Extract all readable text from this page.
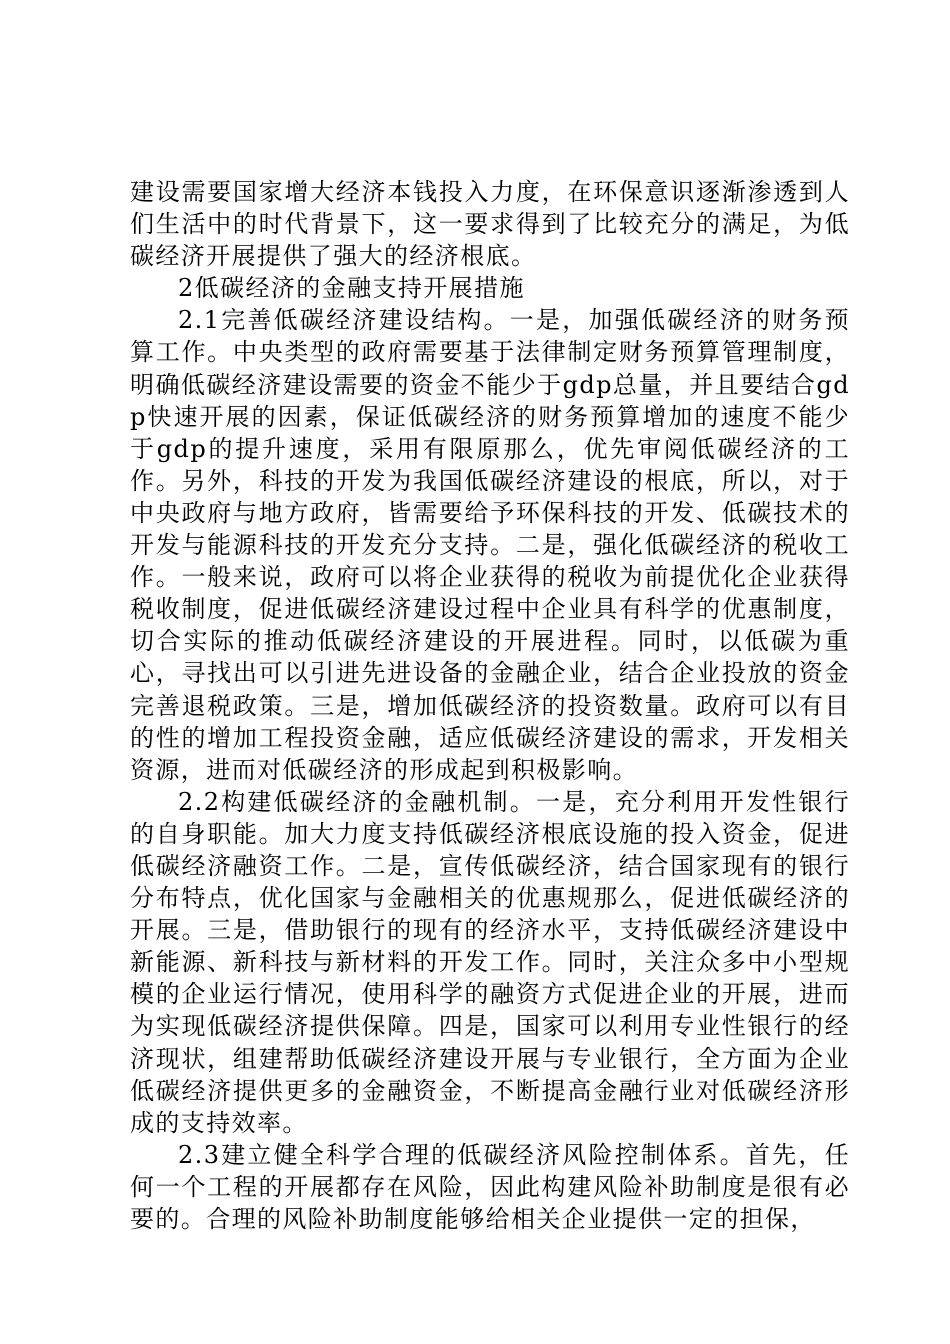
建设需要国家增大经济本钱投入力度，在环保意识逐渐渗透到人们生活中的时代背景下，这一要求得到了比较充分的满足，为低碳经济开展提供了强大的经济根底。

2低碳经济的金融支持开展措施

2.1完善低碳经济建设结构。一是，加强低碳经济的财务预算工作。中央类型的政府需要基于法律制定财务预算管理制度，明确低碳经济建设需要的资金不能少于gdp总量，并且要结合gdp快速开展的因素，保证低碳经济的财务预算增加的速度不能少于gdp的提升速度，采用有限原那么，优先审阅低碳经济的工作。另外，科技的开发为我国低碳经济建设的根底，所以，对于中央政府与地方政府，皆需要给予环保科技的开发、低碳技术的开发与能源科技的开发充分支持。二是，强化低碳经济的税收工作。一般来说，政府可以将企业获得的税收为前提优化企业获得税收制度，促进低碳经济建设过程中企业具有科学的优惠制度，切合实际的推动低碳经济建设的开展进程。同时，以低碳为重心，寻找出可以引进先进设备的金融企业，结合企业投放的资金完善退税政策。三是，增加低碳经济的投资数量。政府可以有目的性的增加工程投资金融，适应低碳经济建设的需求，开发相关资源，进而对低碳经济的形成起到积极影响。

2.2构建低碳经济的金融机制。一是，充分利用开发性银行的自身职能。加大力度支持低碳经济根底设施的投入资金，促进低碳经济融资工作。二是，宣传低碳经济，结合国家现有的银行分布特点，优化国家与金融相关的优惠规那么，促进低碳经济的开展。三是，借助银行的现有的经济水平，支持低碳经济建设中新能源、新科技与新材料的开发工作。同时，关注众多中小型规模的企业运行情况，使用科学的融资方式促进企业的开展，进而为实现低碳经济提供保障。四是，国家可以利用专业性银行的经济现状，组建帮助低碳经济建设开展与专业银行，全方面为企业低碳经济提供更多的金融资金，不断提高金融行业对低碳经济形成的支持效率。

2.3建立健全科学合理的低碳经济风险控制体系。首先，任何一个工程的开展都存在风险，因此构建风险补助制度是很有必要的。合理的风险补助制度能够给相关企业提供一定的担保，
